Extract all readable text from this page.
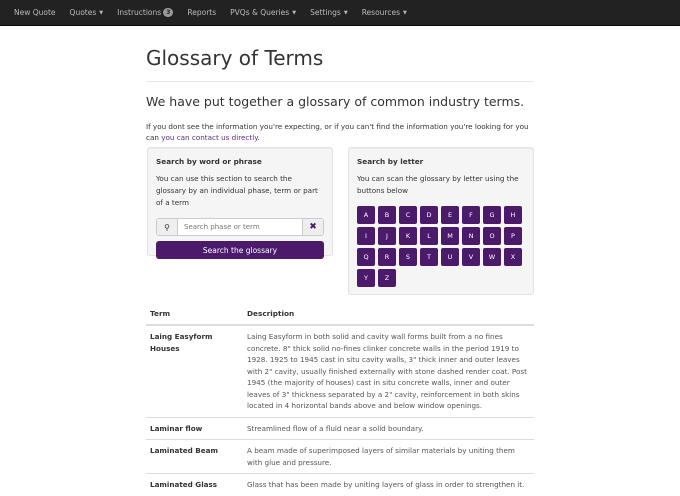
New Quote Quotes ▼ Instructions 3	Reports PVQs & Queries ▼ Settings ▼ Resources ▼
Glossary of Terms
We have put together a glossary of common industry terms.

If you dont see the information you're expecting, or if you can't find the information you're looking for you can you can contact us directly.

Search by word or phrase

You can use this section to search the glossary by an individual phase, term or part of a term

⚲
Search phase or term	✖
Search the glossary
Search by letter

You can scan the glossary by letter using the buttons below

A	B	C	D	E	F	G	H
I	J	K	L	M	N	O	P
Q	R	S	T	U	V	W	X
Y	Z
Term	Description
Laing Easyform Houses	Laing Easyform in both solid and cavity wall forms built from a no fines concrete. 8" thick solid no-fines clinker concrete walls in the period 1919 to 1928. 1925 to 1945 cast in situ cavity walls, 3" thick inner and outer leaves with 2" cavity, usually finished externally with stone dashed render coat. Post 1945 (the majority of houses) cast in situ concrete walls, inner and outer leaves of 3" thickness separated by a 2" cavity, reinforcement in both skins located in 4 horizontal bands above and below window openings.
Laminar flow	Streamlined flow of a fluid near a solid boundary.
Laminated Beam	A beam made of superimposed layers of similar materials by uniting them with glue and pressure.
Laminated Glass	Glass that has been made by uniting layers of glass in order to strengthen it.
